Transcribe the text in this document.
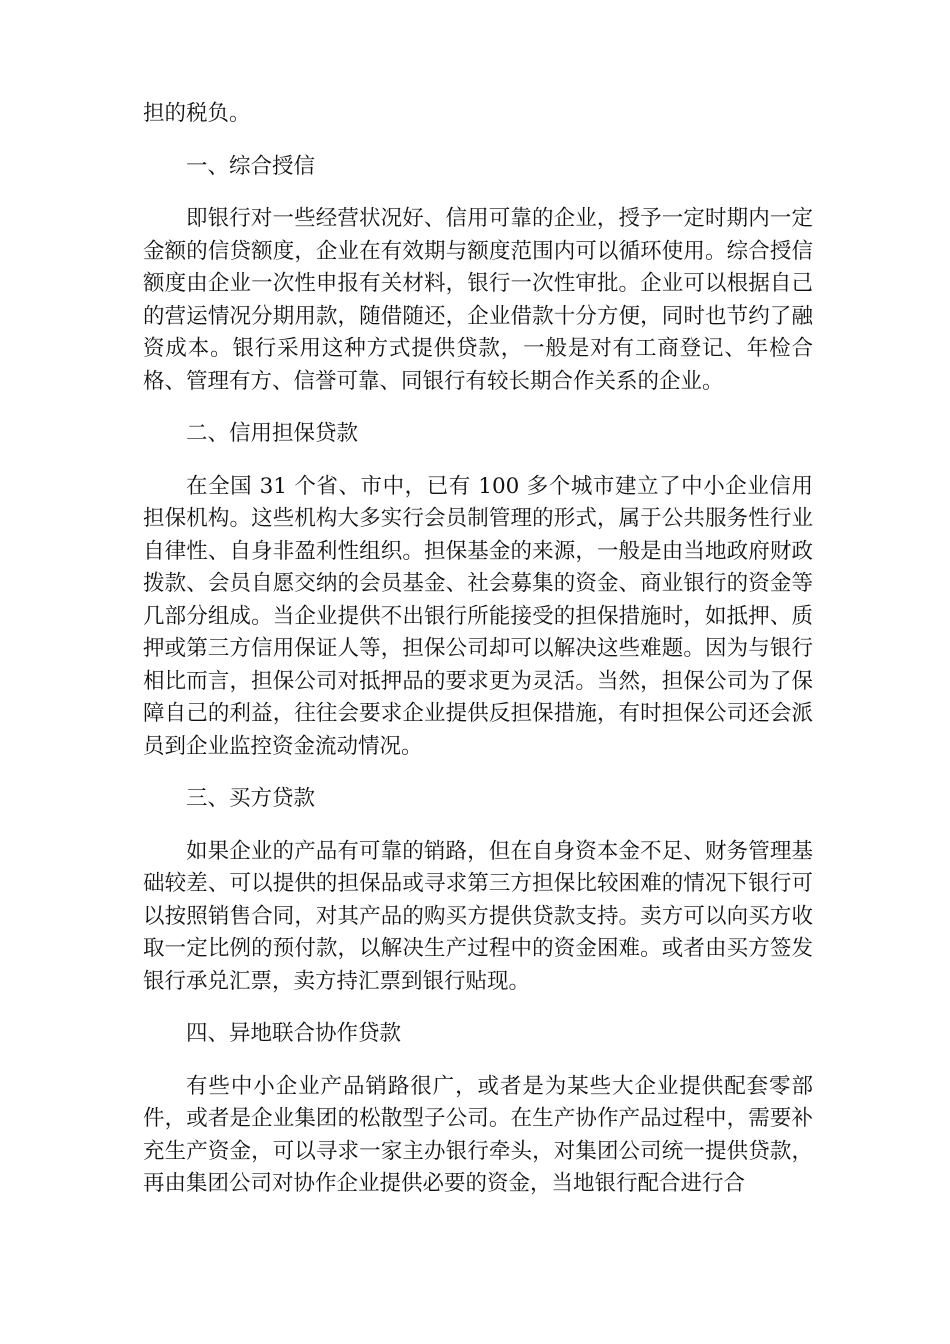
担的税负。

一、综合授信

即银行对一些经营状况好、信用可靠的企业，授予一定时期内一定金额的信贷额度，企业在有效期与额度范围内可以循环使用。综合授信额度由企业一次性申报有关材料，银行一次性审批。企业可以根据自己的营运情况分期用款，随借随还，企业借款十分方便，同时也节约了融资成本。银行采用这种方式提供贷款，一般是对有工商登记、年检合格、管理有方、信誉可靠、同银行有较长期合作关系的企业。

二、信用担保贷款

在全国 31 个省、市中，已有 100 多个城市建立了中小企业信用担保机构。这些机构大多实行会员制管理的形式，属于公共服务性行业自律性、自身非盈利性组织。担保基金的来源，一般是由当地政府财政拨款、会员自愿交纳的会员基金、社会募集的资金、商业银行的资金等几部分组成。当企业提供不出银行所能接受的担保措施时，如抵押、质押或第三方信用保证人等，担保公司却可以解决这些难题。因为与银行相比而言，担保公司对抵押品的要求更为灵活。当然，担保公司为了保障自己的利益，往往会要求企业提供反担保措施，有时担保公司还会派员到企业监控资金流动情况。

三、买方贷款

如果企业的产品有可靠的销路，但在自身资本金不足、财务管理基础较差、可以提供的担保品或寻求第三方担保比较困难的情况下银行可以按照销售合同，对其产品的购买方提供贷款支持。卖方可以向买方收取一定比例的预付款，以解决生产过程中的资金困难。或者由买方签发银行承兑汇票，卖方持汇票到银行贴现。

四、异地联合协作贷款

有些中小企业产品销路很广，或者是为某些大企业提供配套零部件，或者是企业集团的松散型子公司。在生产协作产品过程中，需要补充生产资金，可以寻求一家主办银行牵头，对集团公司统一提供贷款，再由集团公司对协作企业提供必要的资金，当地银行配合进行合
